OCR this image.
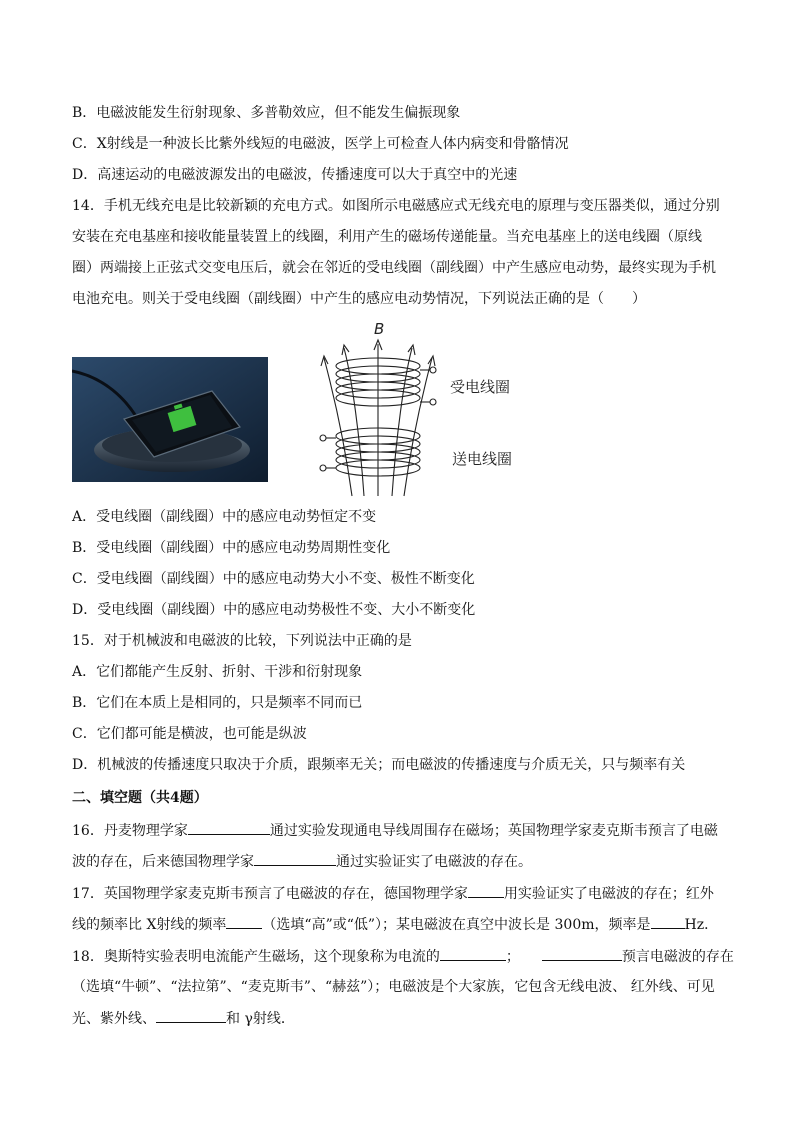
B．电磁波能发生衍射现象、多普勒效应，但不能发生偏振现象
C．X射线是一种波长比紫外线短的电磁波，医学上可检查人体内病变和骨骼情况
D．高速运动的电磁波源发出的电磁波，传播速度可以大于真空中的光速
14．手机无线充电是比较新颖的充电方式。如图所示电磁感应式无线充电的原理与变压器类似，通过分别
安装在充电基座和接收能量装置上的线圈，利用产生的磁场传递能量。当充电基座上的送电线圈（原线
圈）两端接上正弦式交变电压后，就会在邻近的受电线圈（副线圈）中产生感应电动势，最终实现为手机
电池充电。则关于受电线圈（副线圈）中产生的感应电动势情况，下列说法正确的是（　　）
B
受电线圈
送电线圈
A．受电线圈（副线圈）中的感应电动势恒定不变
B．受电线圈（副线圈）中的感应电动势周期性变化
C．受电线圈（副线圈）中的感应电动势大小不变、极性不断变化
D．受电线圈（副线圈）中的感应电动势极性不变、大小不断变化
15．对于机械波和电磁波的比较，下列说法中正确的是
A．它们都能产生反射、折射、干涉和衍射现象
B．它们在本质上是相同的，只是频率不同而已
C．它们都可能是横波，也可能是纵波
D．机械波的传播速度只取决于介质，跟频率无关；而电磁波的传播速度与介质无关，只与频率有关
二、填空题（共4题）
16．丹麦物理学家	通过实验发现通电导线周围存在磁场；英国物理学家麦克斯韦预言了电磁
波的存在，后来德国物理学家	通过实验证实了电磁波的存在。
17．英国物理学家麦克斯韦预言了电磁波的存在，德国物理学家	用实验证实了电磁波的存在；红外
线的频率比 X射线的频率	（选填“高”或“低”）；某电磁波在真空中波长是 300m，频率是 Hz．
18．奥斯特实验表明电流能产生磁场，这个现象称为电流的	；	预言电磁波的存在
（选填“牛顿”、“法拉第”、“麦克斯韦”、“赫兹”）；电磁波是个大家族，它包含无线电波、 红外线、可见
光、紫外线、	和 γ射线．
